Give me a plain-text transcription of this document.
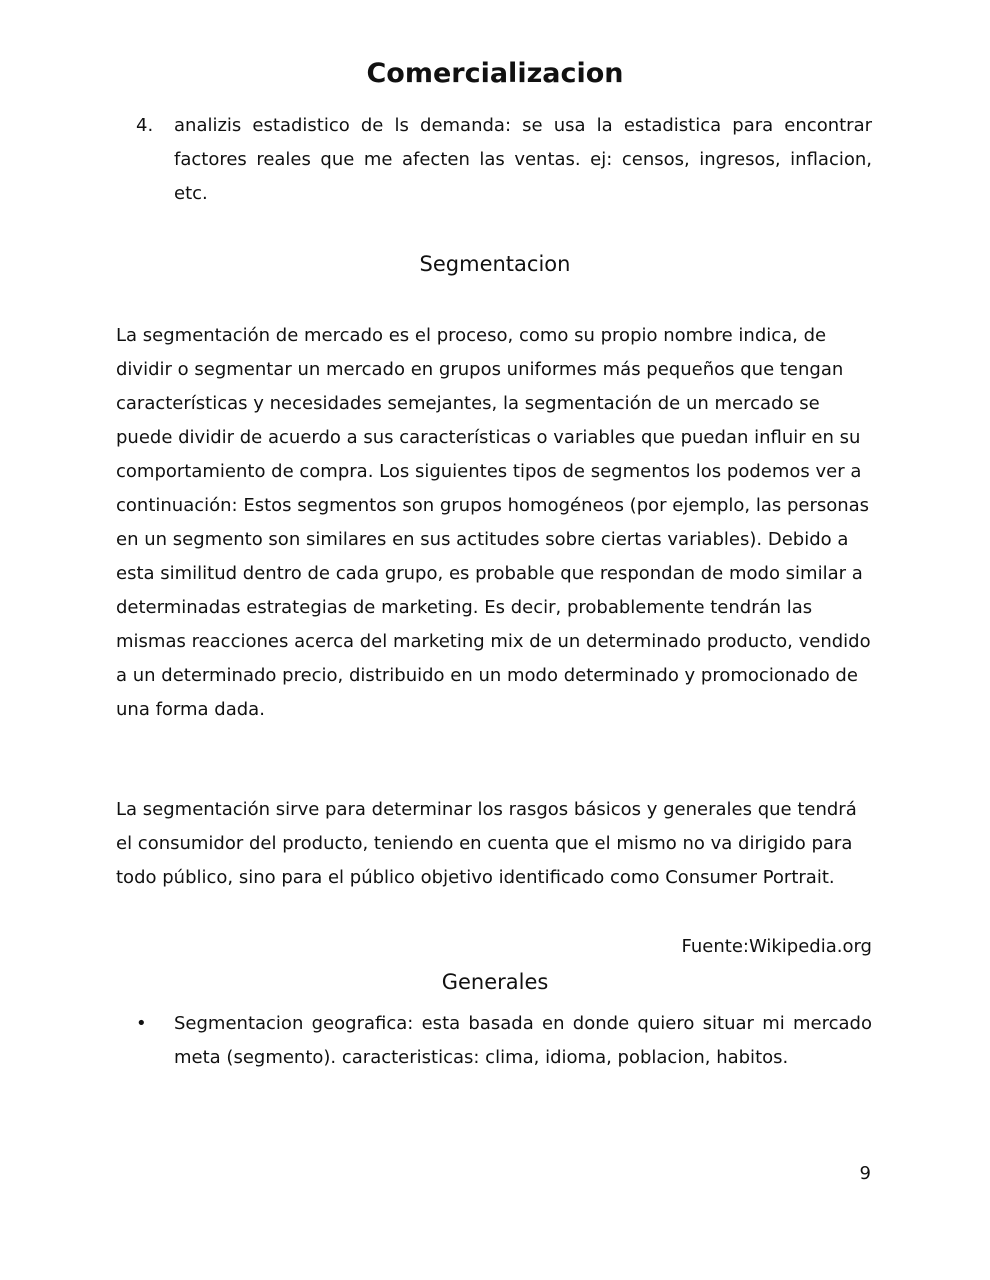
Comercializacion
4.	analizis estadistico de ls demanda: se usa la estadistica para encontrar factores reales que me afecten las ventas. ej: censos, ingresos, inflacion, etc.
Segmentacion

La segmentación de mercado es el proceso, como su propio nombre indica, de dividir o segmentar un mercado en grupos uniformes más pequeños que tengan características y necesidades semejantes, la segmentación de un mercado se puede dividir de acuerdo a sus características o variables que puedan influir en su comportamiento de compra. Los siguientes tipos de segmentos los podemos ver a continuación: Estos segmentos son grupos homogéneos (por ejemplo, las personas en un segmento son similares en sus actitudes sobre ciertas variables). Debido a esta similitud dentro de cada grupo, es probable que respondan de modo similar a determinadas estrategias de marketing. Es decir, probablemente tendrán las mismas reacciones acerca del marketing mix de un determinado producto, vendido a un determinado precio, distribuido en un modo determinado y promocionado de una forma dada.

La segmentación sirve para determinar los rasgos básicos y generales que tendrá el consumidor del producto, teniendo en cuenta que el mismo no va dirigido para todo público, sino para el público objetivo identificado como Consumer Portrait.

Fuente:Wikipedia.org
Generales
•	Segmentacion geografica: esta basada en donde quiero situar mi mercado meta (segmento). caracteristicas: clima, idioma, poblacion, habitos.
9
